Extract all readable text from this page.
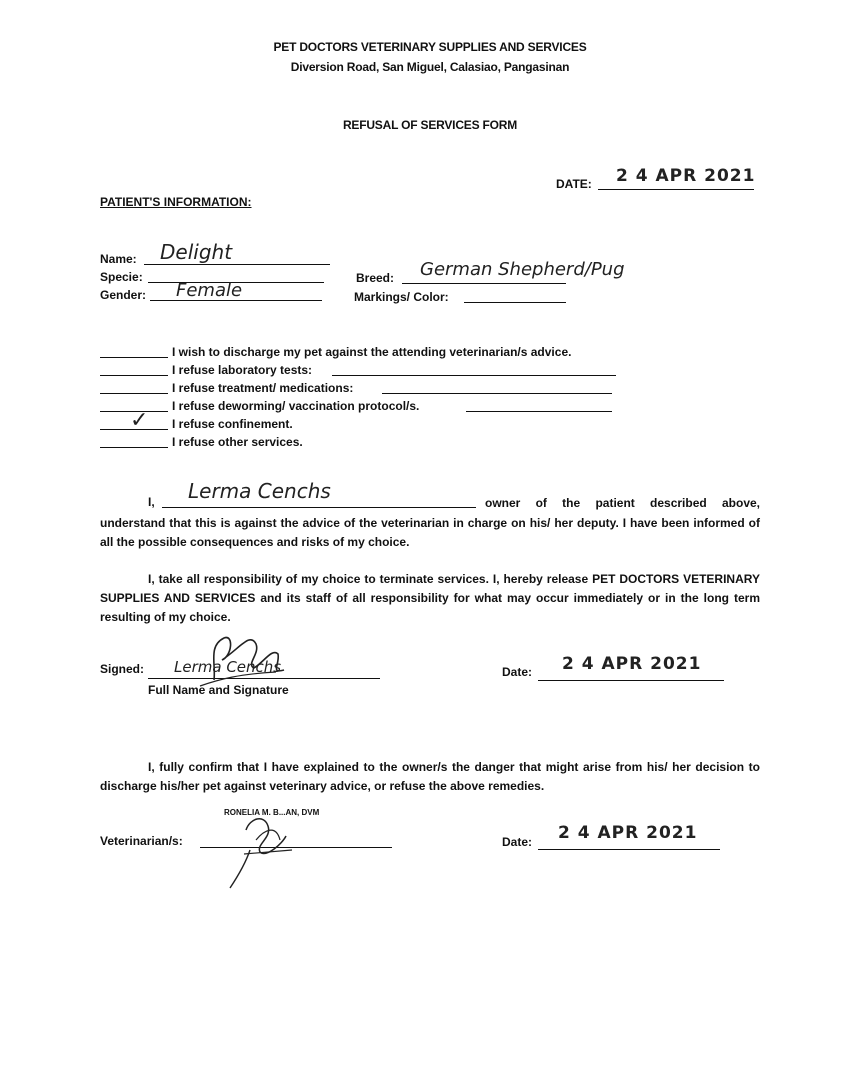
PET DOCTORS VETERINARY SUPPLIES AND SERVICES
Diversion Road, San Miguel, Calasiao, Pangasinan
REFUSAL OF SERVICES FORM
DATE: 2 4 APR 2021
PATIENT'S INFORMATION:
Name: Delight
Specie:
Gender: Female
Breed: German Shepherd/Pug
Markings/ Color:
I wish to discharge my pet against the attending veterinarian/s advice.
I refuse laboratory tests:
I refuse treatment/ medications:
I refuse deworming/ vaccination protocol/s.
✓ I refuse confinement.
I refuse other services.
I, Lerma Cenchs	owner of the patient described above,
understand that this is against the advice of the veterinarian in charge on his/ her deputy. I have been informed of all the possible consequences and risks of my choice.
I, take all responsibility of my choice to terminate services. I, hereby release PET DOCTORS VETERINARY SUPPLIES AND SERVICES and its staff of all responsibility for what may occur immediately or in the long term resulting of my choice.
Signed: Lerma Cenchs
Full Name and Signature
Date: 2 4 APR 2021
I, fully confirm that I have explained to the owner/s the danger that might arise from his/ her decision to discharge his/her pet against veterinary advice, or refuse the above remedies.
Veterinarian/s:
RONELIA M. B...AN, DVM
Date: 2 4 APR 2021
